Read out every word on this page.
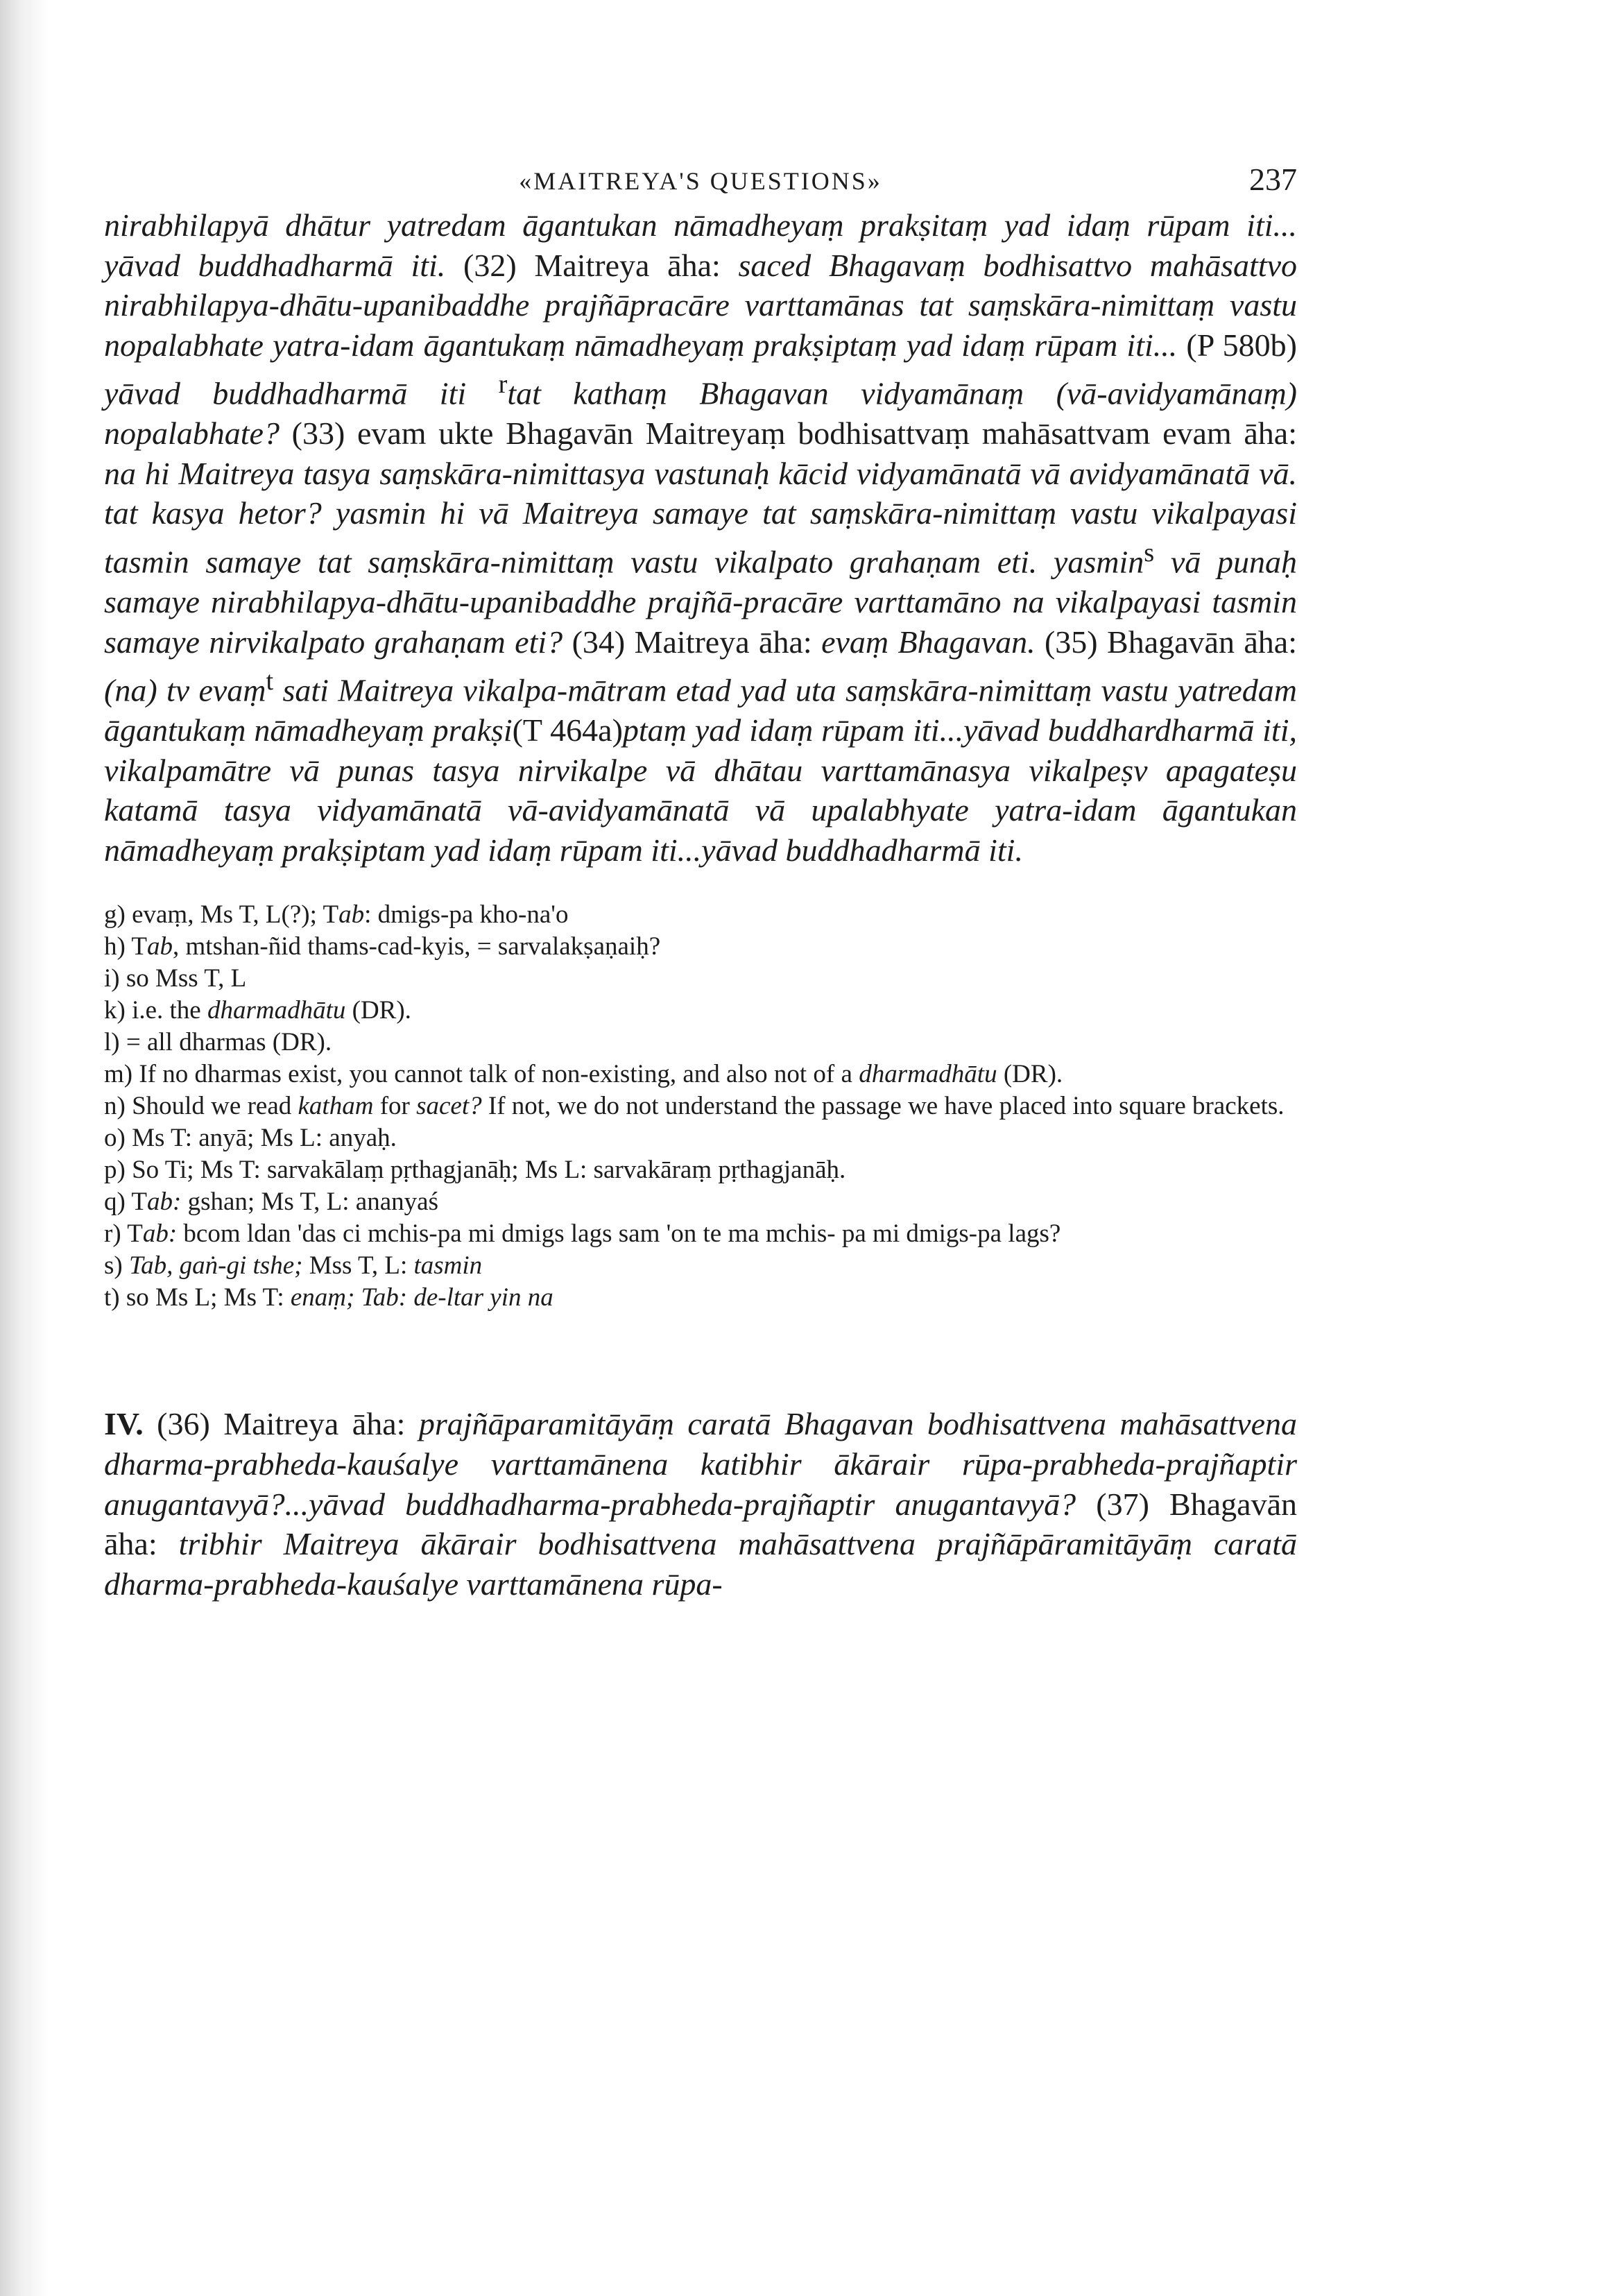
«MAITREYA'S QUESTIONS»	237

nirabhilapyā dhātur yatredam āgantukan nāmadheyaṃ prakṣitaṃ yad idaṃ rūpam iti... yāvad buddhadharmā iti. (32) Maitreya āha: saced Bhagavaṃ bodhisattvo mahāsattvo nirabhilapya-dhātu-upanibaddhe prajñāpracāre varttamānas tat saṃskāra-nimittaṃ vastu nopalabhate yatra-idam āgantukaṃ nāmadheyaṃ prakṣiptaṃ yad idaṃ rūpam iti... (P 580b) yāvad buddhadharmā iti $^r$tat kathaṃ Bhagavan vidyamānaṃ (vā-avidyamānaṃ) nopalabhate? (33) evam ukte Bhagavān Maitreyaṃ bodhisattvaṃ mahāsattvam evam āha: na hi Maitreya tasya saṃskāra-nimittasya vastunaḥ kācid vidyamānatā vā avidyamānatā vā. tat kasya hetor? yasmin hi vā Maitreya samaye tat saṃskāra-nimittaṃ vastu vikalpayasi tasmin samaye tat saṃskāra-nimittaṃ vastu vikalpato grahaṇam eti. yasmin$^s$ vā punaḥ samaye nirabhilapya-dhātu-upanibaddhe prajñā-pracāre varttamāno na vikalpayasi tasmin samaye nirvikalpato grahaṇam eti? (34) Maitreya āha: evaṃ Bhagavan. (35) Bhagavān āha: (na) tv evaṃ$^t$ sati Maitreya vikalpa-mātram etad yad uta saṃskāra-nimittaṃ vastu yatredam āgantukaṃ nāmadheyaṃ prakṣi(T 464a)ptaṃ yad idaṃ rūpam iti...yāvad buddhardharmā iti, vikalpamātre vā punas tasya nirvikalpe vā dhātau varttamānasya vikalpeṣv apagateṣu katamā tasya vidyamānatā vā-avidyamānatā vā upalabhyate yatra-idam āgantukan nāmadheyaṃ prakṣiptam yad idaṃ rūpam iti...yāvad buddhadharmā iti.

g) evaṃ, Ms T, L(?); Tab: dmigs-pa kho-na'o

h) Tab, mtshan-ñid thams-cad-kyis, = sarvalakṣaṇaiḥ?

i) so Mss T, L

k) i.e. the dharmadhātu (DR).

l) = all dharmas (DR).

m) If no dharmas exist, you cannot talk of non-existing, and also not of a dharmadhātu (DR).

n) Should we read katham for sacet? If not, we do not understand the passage we have placed into square brackets.

o) Ms T: anyā; Ms L: anyaḥ.

p) So Ti; Ms T: sarvakālaṃ pṛthagjanāḥ; Ms L: sarvakāraṃ pṛthagjanāḥ.

q) Tab: gshan; Ms T, L: ananyaś

r) Tab: bcom ldan 'das ci mchis-pa mi dmigs lags sam 'on te ma mchis- pa mi dmigs-pa lags?

s) Tab, gaṅ-gi tshe; Mss T, L: tasmin

t) so Ms L; Ms T: enaṃ; Tab: de-ltar yin na

IV. (36) Maitreya āha: prajñāparamitāyāṃ caratā Bhagavan bodhisattvena mahāsattvena dharma-prabheda-kauśalye varttamānena katibhir ākārair rūpa-prabheda-prajñaptir anugantavyā?...yāvad buddhadharma-prabheda-prajñaptir anugantavyā? (37) Bhagavān āha: tribhir Maitreya ākārair bodhisattvena mahāsattvena prajñāpāramitāyāṃ caratā dharma-prabheda-kauśalye varttamānena rūpa-
